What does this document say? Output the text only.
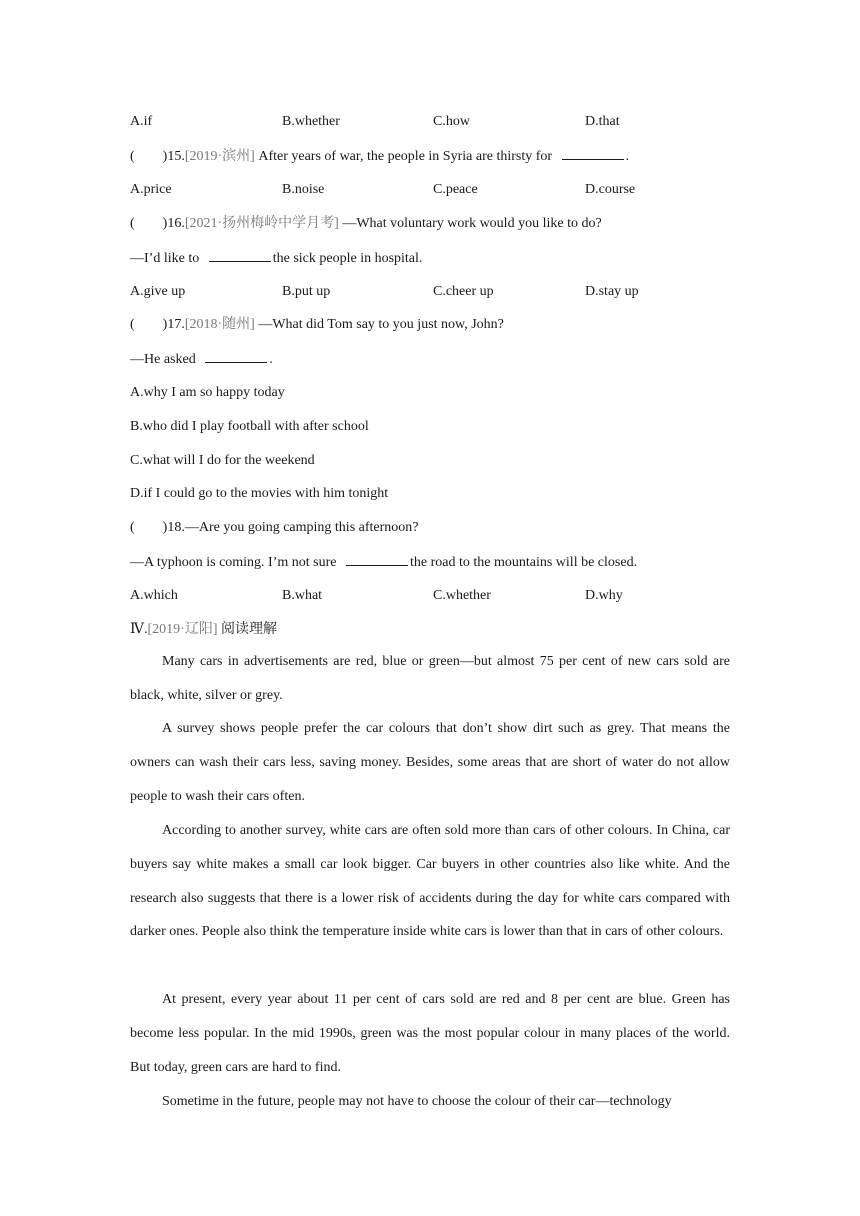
A.if	B.whether	C.how	D.that
(        )15.[2019·滨州] After years of war, the people in Syria are thirsty for	.
A.price	B.noise	C.peace	D.course
(        )16.[2021·扬州梅岭中学月考] —What voluntary work would you like to do?
—I’d like to	the sick people in hospital.
A.give up	B.put up	C.cheer up	D.stay up
(        )17.[2018·随州] —What did Tom say to you just now, John?
—He asked	.
A.why I am so happy today
B.who did I play football with after school
C.what will I do for the weekend
D.if I could go to the movies with him tonight
(        )18.—Are you going camping this afternoon?
—A typhoon is coming. I’m not sure	the road to the mountains will be closed.
A.which	B.what	C.whether	D.why
Ⅳ.[2019·辽阳] 阅读理解

Many cars in advertisements are red, blue or green—but almost 75 per cent of new cars sold are black, white, silver or grey.

A survey shows people prefer the car colours that don’t show dirt such as grey. That means the owners can wash their cars less, saving money. Besides, some areas that are short of water do not allow people to wash their cars often.

According to another survey, white cars are often sold more than cars of other colours. In China, car buyers say white makes a small car look bigger. Car buyers in other countries also like white. And the research also suggests that there is a lower risk of accidents during the day for white cars compared with darker ones. People also think the temperature inside white cars is lower than that in cars of other colours.

At present, every year about 11 per cent of cars sold are red and 8 per cent are blue. Green has become less popular. In the mid 1990s, green was the most popular colour in many places of the world. But today, green cars are hard to find.

Sometime in the future, people may not have to choose the colour of their car—technology
